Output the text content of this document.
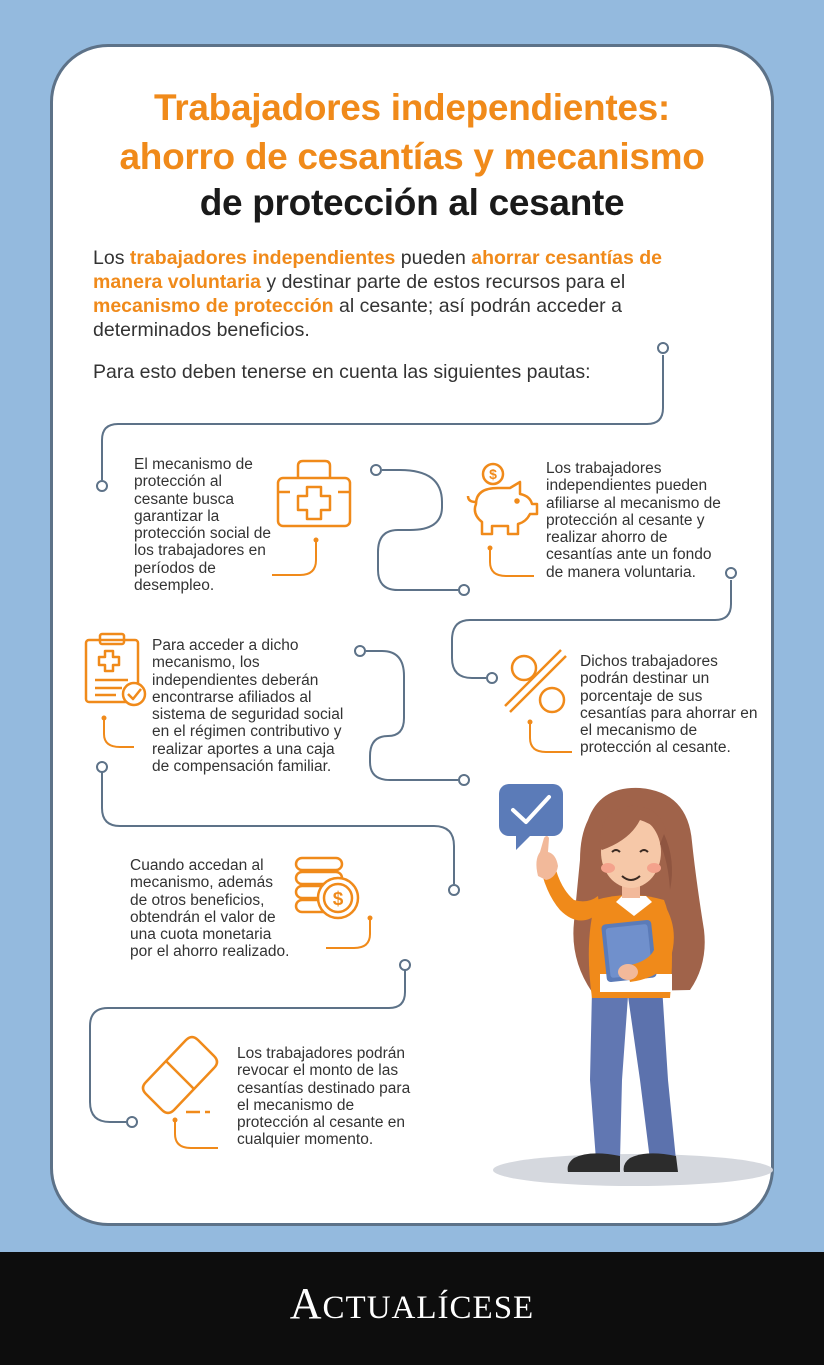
Trabajadores independientes:
ahorro de cesantías y mecanismo
de protección al cesante

Los trabajadores independientes pueden ahorrar cesantías de manera voluntaria y destinar parte de estos recursos para el mecanismo de protección al cesante; así podrán acceder a determinados beneficios.

Para esto deben tenerse en cuenta las siguientes pautas:

$
$

El mecanismo de protección al cesante busca garantizar la protección social de los trabajadores en períodos de desempleo.

Los trabajadores independientes pueden afiliarse al mecanismo de protección al cesante y realizar ahorro de cesantías ante un fondo de manera voluntaria.

Para acceder a dicho mecanismo, los independientes deberán encontrarse afiliados al sistema de seguridad social en el régimen contributivo y realizar aportes a una caja de compensación familiar.

Dichos trabajadores podrán destinar un porcentaje de sus cesantías para ahorrar en el mecanismo de protección al cesante.

Cuando accedan al mecanismo, además de otros beneficios, obtendrán el valor de una cuota monetaria por el ahorro realizado.

Los trabajadores podrán revocar el monto de las cesantías destinado para el mecanismo de protección al cesante en cualquier momento.

ACTUALÍCESE
